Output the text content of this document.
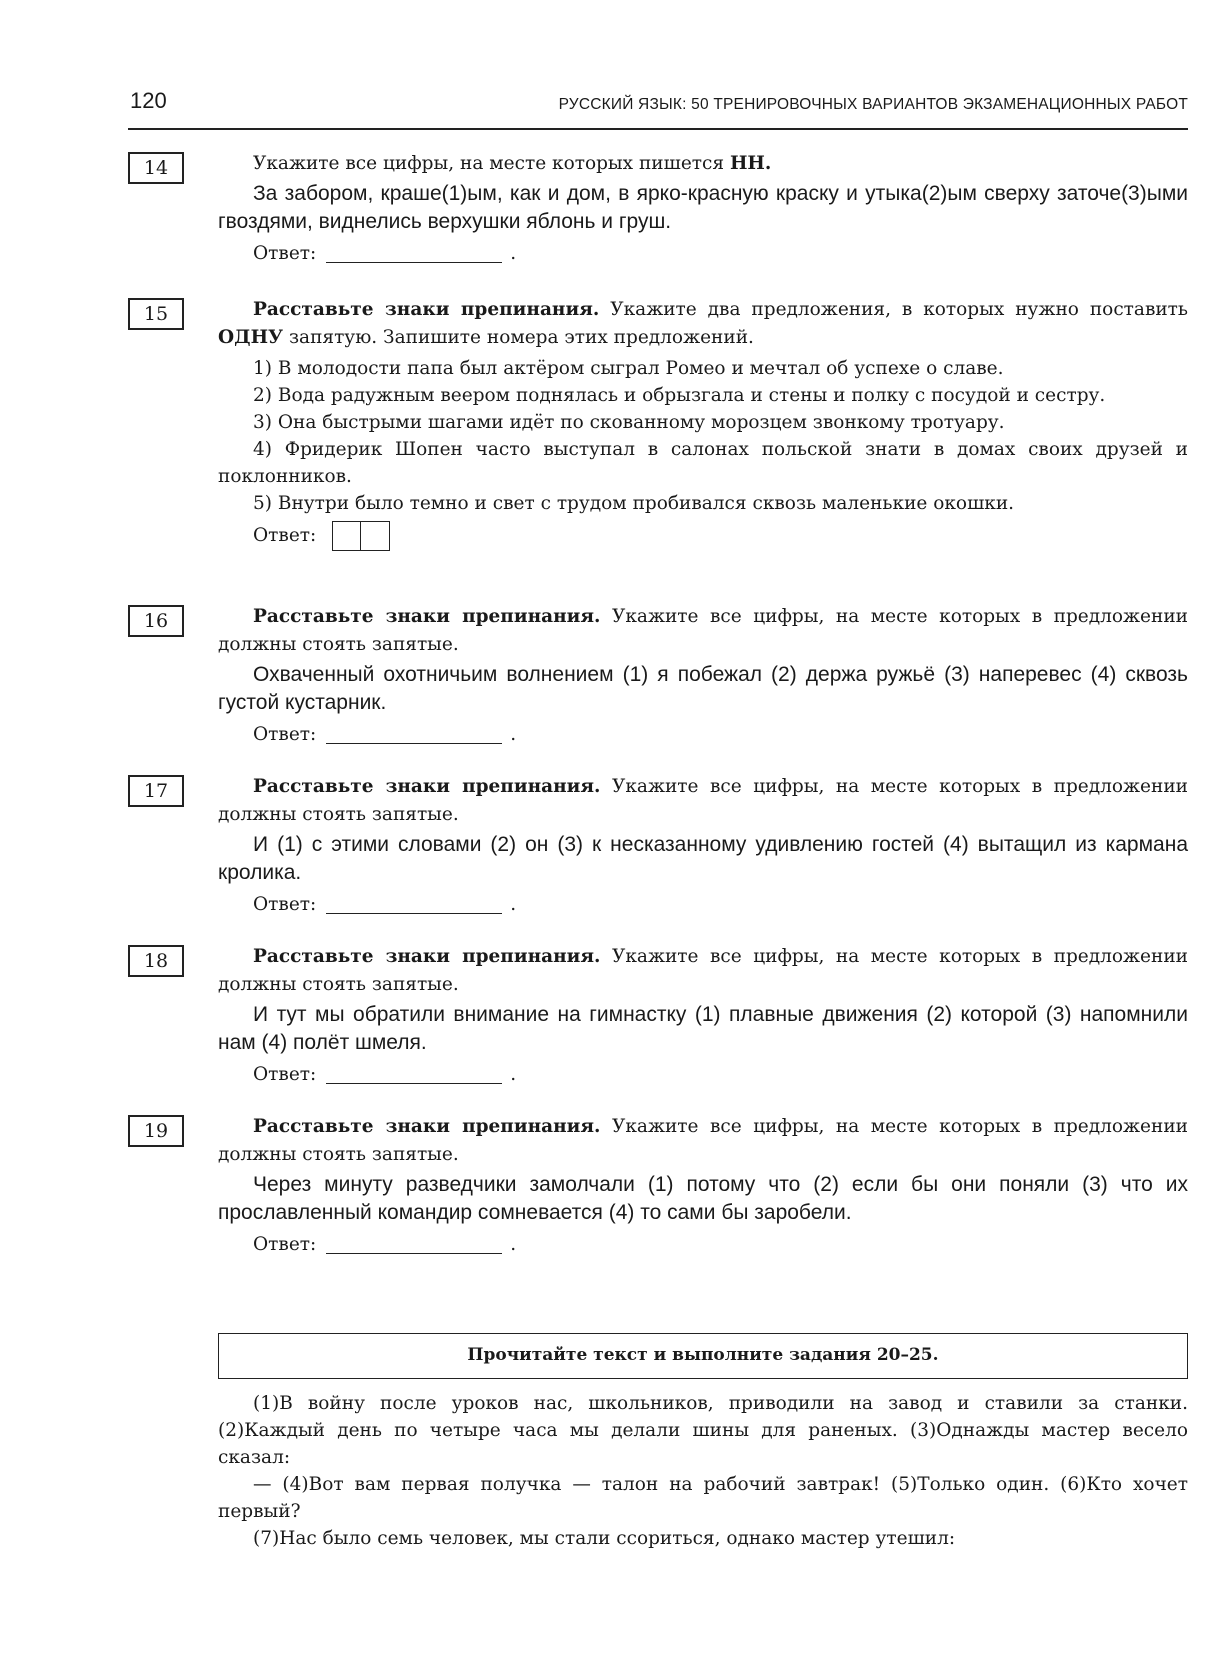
120	РУССКИЙ ЯЗЫК: 50 ТРЕНИРОВОЧНЫХ ВАРИАНТОВ ЭКЗАМЕНАЦИОННЫХ РАБОТ
14	Укажите все цифры, на месте которых пишется НН.

За забором, краше(1)ым, как и дом, в ярко-красную краску и утыка(2)ым сверху заточе(3)ыми гвоздями, виднелись верхушки яблонь и груш.

Ответ:	.
15	Расставьте знаки препинания. Укажите два предложения, в которых нужно поставить ОДНУ запятую. Запишите номера этих предложений.

1) В молодости папа был актёром сыграл Ромео и мечтал об успехе о славе.

2) Вода радужным веером поднялась и обрызгала и стены и полку с посудой и сестру.

3) Она быстрыми шагами идёт по скованному морозцем звонкому тротуару.

4) Фридерик Шопен часто выступал в салонах польской знати в домах своих друзей и поклонников.

5) Внутри было темно и свет с трудом пробивался сквозь маленькие окошки.

Ответ:
16	Расставьте знаки препинания. Укажите все цифры, на месте которых в предложении должны стоять запятые.

Охваченный охотничьим волнением (1) я побежал (2) держа ружьё (3) наперевес (4) сквозь густой кустарник.

Ответ:	.
17	Расставьте знаки препинания. Укажите все цифры, на месте которых в предложении должны стоять запятые.

И (1) с этими словами (2) он (3) к несказанному удивлению гостей (4) вытащил из кармана кролика.

Ответ:	.
18	Расставьте знаки препинания. Укажите все цифры, на месте которых в предложении должны стоять запятые.

И тут мы обратили внимание на гимнастку (1) плавные движения (2) которой (3) напомнили нам (4) полёт шмеля.

Ответ:	.
19	Расставьте знаки препинания. Укажите все цифры, на месте которых в предложении должны стоять запятые.

Через минуту разведчики замолчали (1) потому что (2) если бы они поняли (3) что их прославленный командир сомневается (4) то сами бы заробели.

Ответ:	.
Прочитайте текст и выполните задания 20–25.

(1)В войну после уроков нас, школьников, приводили на завод и ставили за станки. (2)Каждый день по четыре часа мы делали шины для раненых. (3)Однажды мастер весело сказал:

— (4)Вот вам первая получка — талон на рабочий завтрак! (5)Только один. (6)Кто хочет первый?

(7)Нас было семь человек, мы стали ссориться, однако мастер утешил:
